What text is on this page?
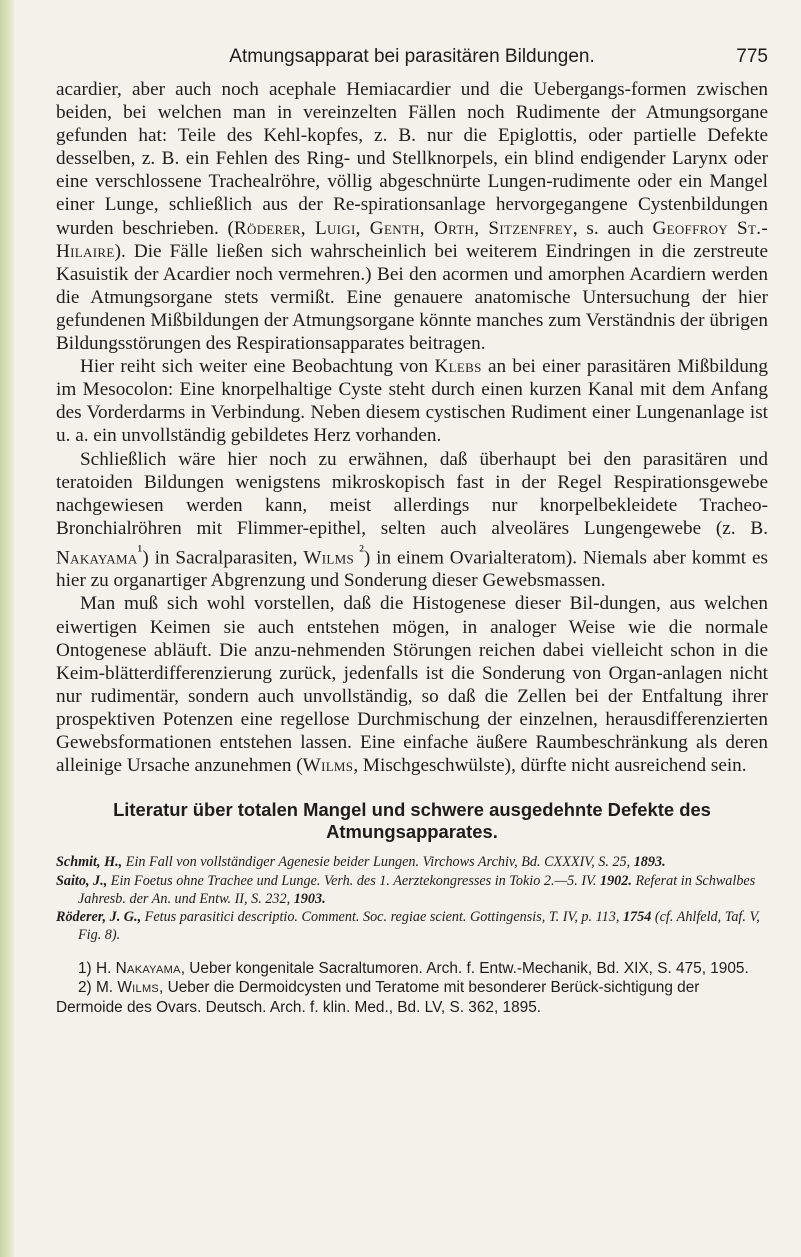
Atmungsapparat bei parasitären Bildungen.	775

acardier, aber auch noch acephale Hemiacardier und die Uebergangs-formen zwischen beiden, bei welchen man in vereinzelten Fällen noch Rudimente der Atmungsorgane gefunden hat: Teile des Kehl-kopfes, z. B. nur die Epiglottis, oder partielle Defekte desselben, z. B. ein Fehlen des Ring- und Stellknorpels, ein blind endigender Larynx oder eine verschlossene Trachealröhre, völlig abgeschnürte Lungen-rudimente oder ein Mangel einer Lunge, schließlich aus der Re-spirationsanlage hervorgegangene Cystenbildungen wurden beschrieben. (Röderer, Luigi, Genth, Orth, Sitzenfrey, s. auch Geoffroy St.-Hilaire). Die Fälle ließen sich wahrscheinlich bei weiterem Eindringen in die zerstreute Kasuistik der Acardier noch vermehren.) Bei den acormen und amorphen Acardiern werden die Atmungsorgane stets vermißt. Eine genauere anatomische Untersuchung der hier gefundenen Mißbildungen der Atmungsorgane könnte manches zum Verständnis der übrigen Bildungsstörungen des Respirationsapparates beitragen.

Hier reiht sich weiter eine Beobachtung von Klebs an bei einer parasitären Mißbildung im Mesocolon: Eine knorpelhaltige Cyste steht durch einen kurzen Kanal mit dem Anfang des Vorderdarms in Verbindung. Neben diesem cystischen Rudiment einer Lungenanlage ist u. a. ein unvollständig gebildetes Herz vorhanden.

Schließlich wäre hier noch zu erwähnen, daß überhaupt bei den parasitären und teratoiden Bildungen wenigstens mikroskopisch fast in der Regel Respirationsgewebe nachgewiesen werden kann, meist allerdings nur knorpelbekleidete Tracheo-Bronchialröhren mit Flimmer-epithel, selten auch alveoläres Lungengewebe (z. B. Nakayama$^{^1}$) in Sacralparasiten, Wilms $^{^2}$) in einem Ovarialteratom). Niemals aber kommt es hier zu organartiger Abgrenzung und Sonderung dieser Gewebsmassen.

Man muß sich wohl vorstellen, daß die Histogenese dieser Bil-dungen, aus welchen eiwertigen Keimen sie auch entstehen mögen, in analoger Weise wie die normale Ontogenese abläuft. Die anzu-nehmenden Störungen reichen dabei vielleicht schon in die Keim-blätterdifferenzierung zurück, jedenfalls ist die Sonderung von Organ-anlagen nicht nur rudimentär, sondern auch unvollständig, so daß die Zellen bei der Entfaltung ihrer prospektiven Potenzen eine regellose Durchmischung der einzelnen, herausdifferenzierten Gewebsformationen entstehen lassen. Eine einfache äußere Raumbeschränkung als deren alleinige Ursache anzunehmen (Wilms, Mischgeschwülste), dürfte nicht ausreichend sein.

Literatur über totalen Mangel und schwere ausgedehnte Defekte des
Atmungsapparates.

Schmit, H., Ein Fall von vollständiger Agenesie beider Lungen. Virchows Archiv, Bd. CXXXIV, S. 25, 1893.

Saito, J., Ein Foetus ohne Trachee und Lunge. Verh. des 1. Aerztekongresses in Tokio 2.—5. IV. 1902. Referat in Schwalbes Jahresb. der An. und Entw. II, S. 232, 1903.

Röderer, J. G., Fetus parasitici descriptio. Comment. Soc. regiae scient. Gottingensis, T. IV, p. 113, 1754 (cf. Ahlfeld, Taf. V, Fig. 8).

1) H. Nakayama, Ueber kongenitale Sacraltumoren. Arch. f. Entw.-Mechanik, Bd. XIX, S. 475, 1905.

2) M. Wilms, Ueber die Dermoidcysten und Teratome mit besonderer Berück-sichtigung der Dermoide des Ovars. Deutsch. Arch. f. klin. Med., Bd. LV, S. 362, 1895.
